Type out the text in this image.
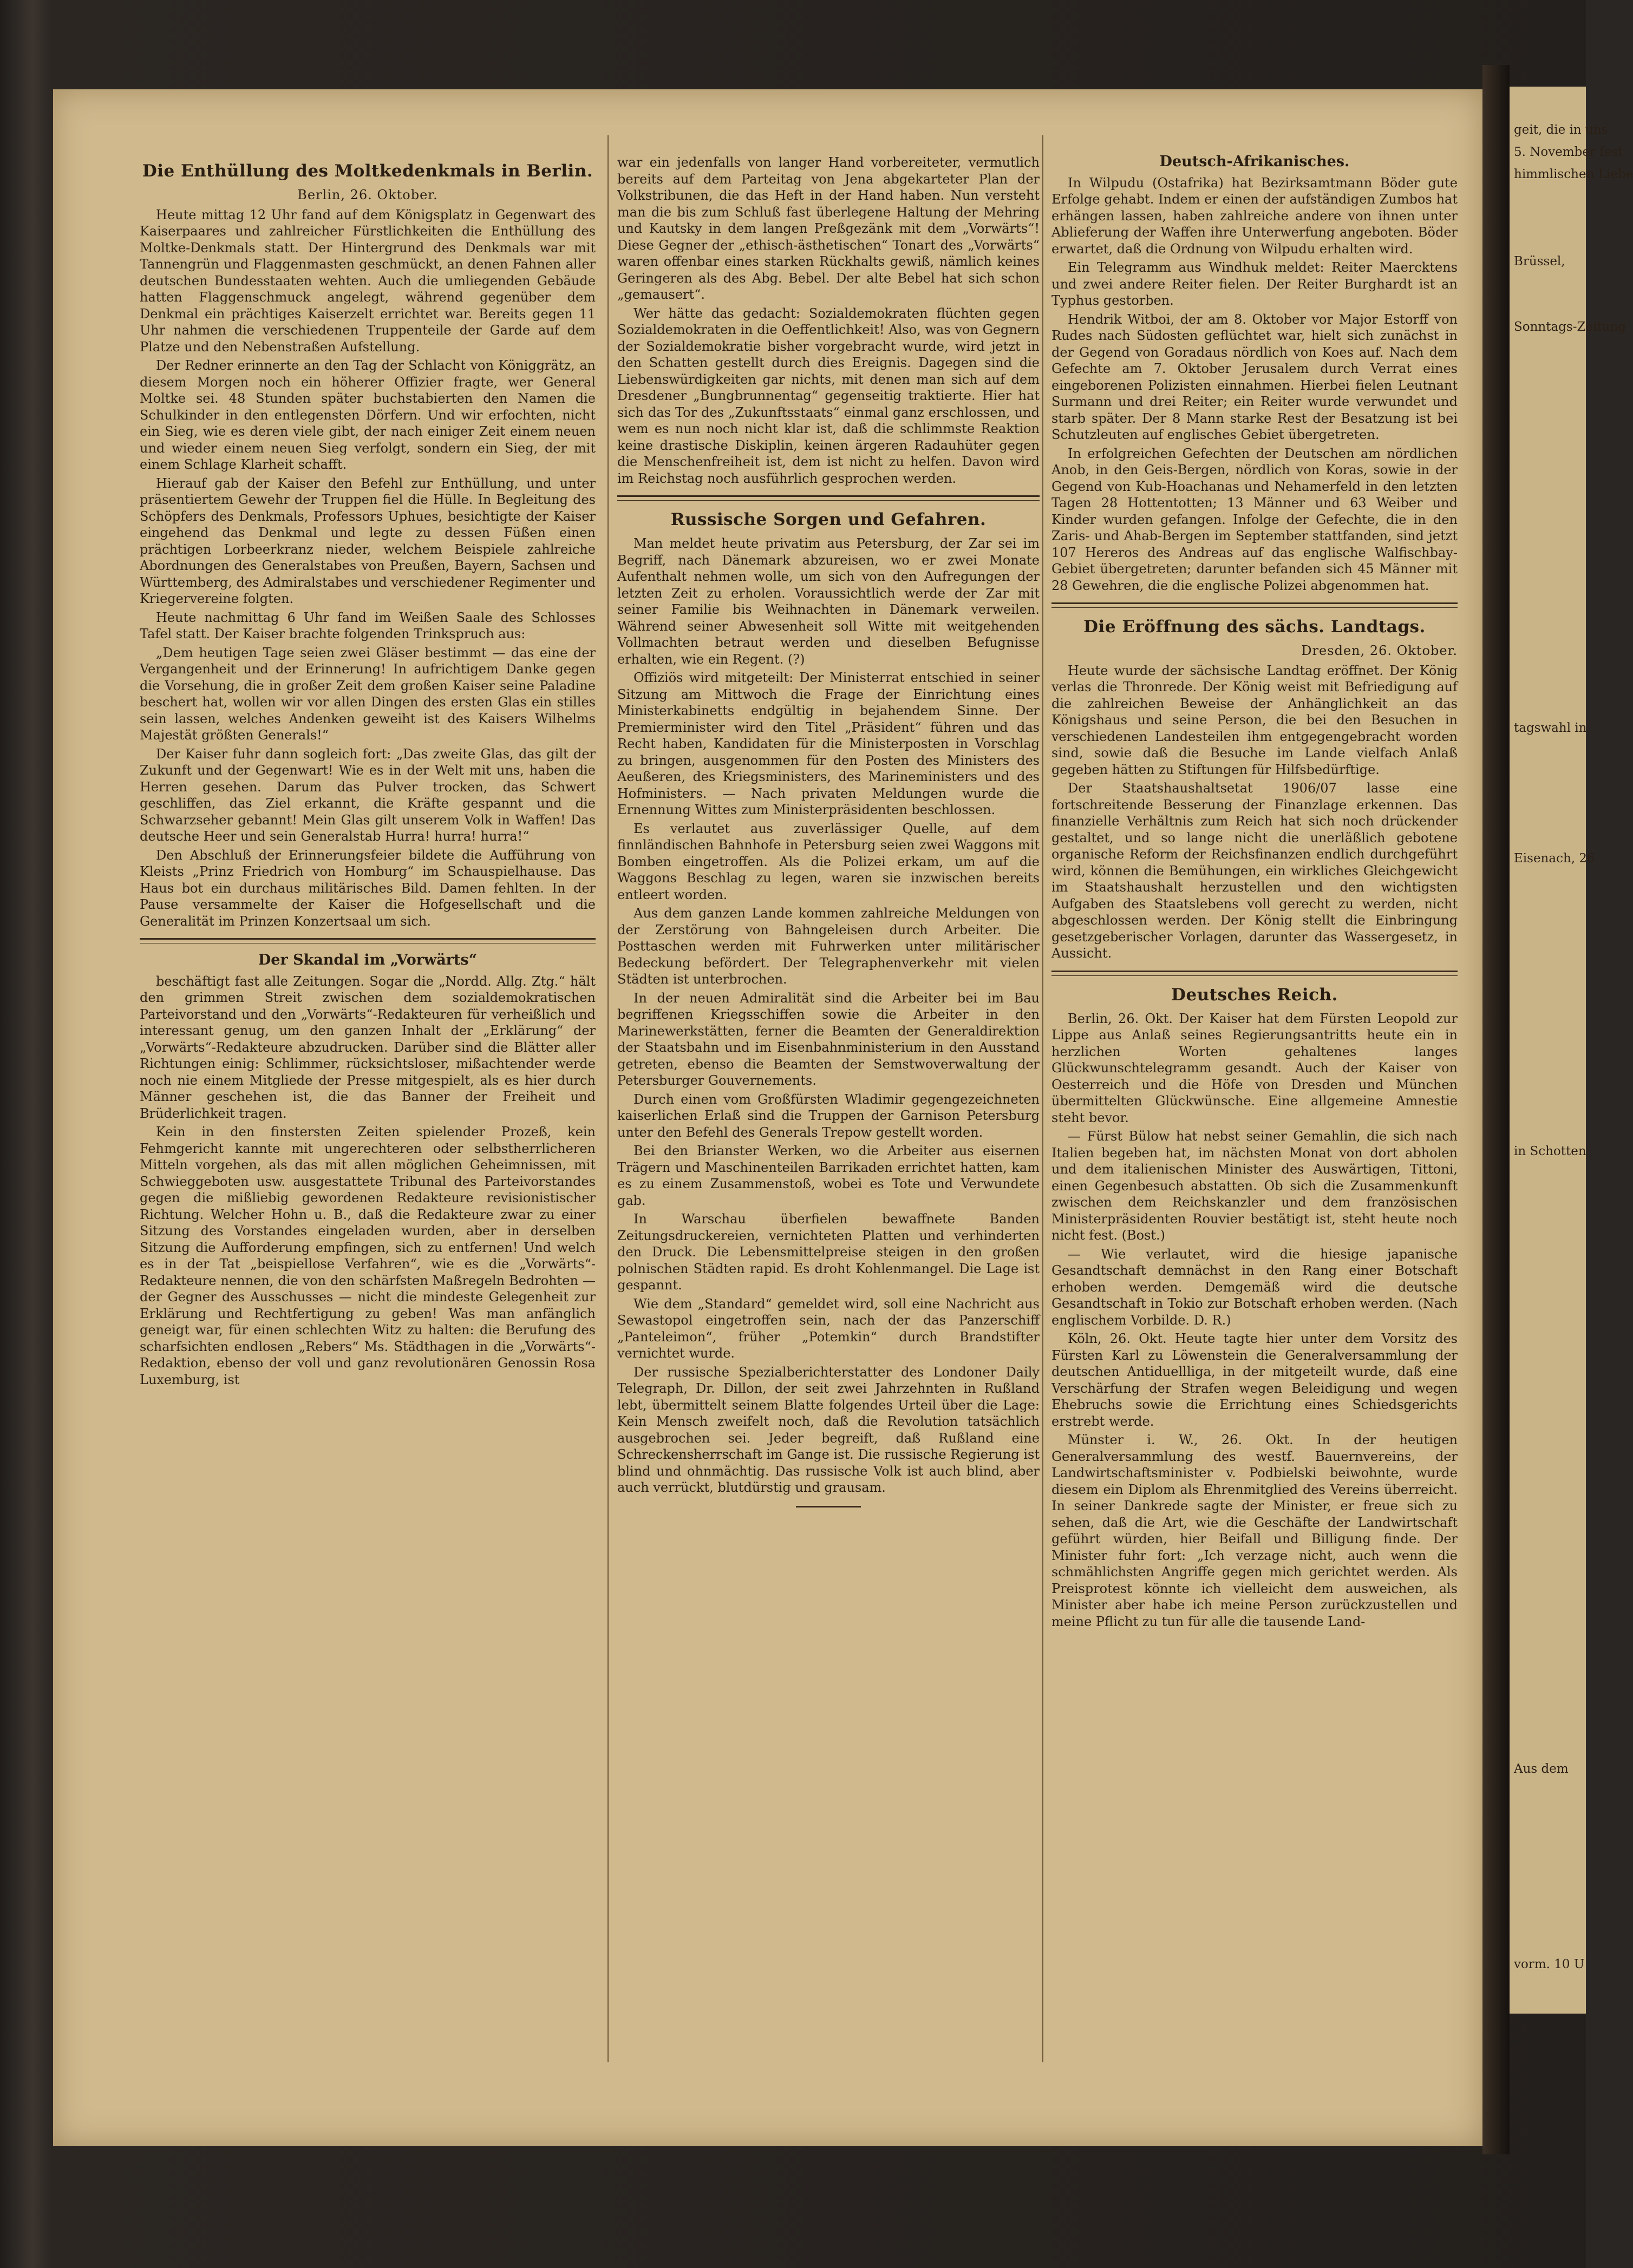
geit, die in uns
5. November fest
himmlischen Liebe
Brüssel,
Sonntags-Zeitung
tagswahl in
Eisenach, 26
in Schotten
Aus dem
vorm. 10 U
Die Enthüllung des Moltkedenkmals in Berlin.
Berlin, 26. Oktober.

Heute mittag 12 Uhr fand auf dem Königsplatz in Gegenwart des Kaiserpaares und zahlreicher Fürstlichkeiten die Enthüllung des Moltke-Denkmals statt. Der Hintergrund des Denkmals war mit Tannengrün und Flaggenmasten geschmückt, an denen Fahnen aller deutschen Bundesstaaten wehten. Auch die umliegenden Gebäude hatten Flaggenschmuck angelegt, während gegenüber dem Denkmal ein prächtiges Kaiserzelt errichtet war. Bereits gegen 11 Uhr nahmen die verschiedenen Truppenteile der Garde auf dem Platze und den Nebenstraßen Aufstellung.

Der Redner erinnerte an den Tag der Schlacht von Königgrätz, an diesem Morgen noch ein höherer Offizier fragte, wer General Moltke sei. 48 Stunden später buchstabierten den Namen die Schulkinder in den entlegensten Dörfern. Und wir erfochten, nicht ein Sieg, wie es deren viele gibt, der nach einiger Zeit einem neuen und wieder einem neuen Sieg verfolgt, sondern ein Sieg, der mit einem Schlage Klarheit schafft.

Hierauf gab der Kaiser den Befehl zur Enthüllung, und unter präsentiertem Gewehr der Truppen fiel die Hülle. In Begleitung des Schöpfers des Denkmals, Professors Uphues, besichtigte der Kaiser eingehend das Denkmal und legte zu dessen Füßen einen prächtigen Lorbeerkranz nieder, welchem Beispiele zahlreiche Abordnungen des Generalstabes von Preußen, Bayern, Sachsen und Württemberg, des Admiralstabes und verschiedener Regimenter und Kriegervereine folgten.

Heute nachmittag 6 Uhr fand im Weißen Saale des Schlosses Tafel statt. Der Kaiser brachte folgenden Trinkspruch aus:

„Dem heutigen Tage seien zwei Gläser bestimmt — das eine der Vergangenheit und der Erinnerung! In aufrichtigem Danke gegen die Vorsehung, die in großer Zeit dem großen Kaiser seine Paladine beschert hat, wollen wir vor allen Dingen des ersten Glas ein stilles sein lassen, welches Andenken geweiht ist des Kaisers Wilhelms Majestät größten Generals!“

Der Kaiser fuhr dann sogleich fort: „Das zweite Glas, das gilt der Zukunft und der Gegenwart! Wie es in der Welt mit uns, haben die Herren gesehen. Darum das Pulver trocken, das Schwert geschliffen, das Ziel erkannt, die Kräfte gespannt und die Schwarzseher gebannt! Mein Glas gilt unserem Volk in Waffen! Das deutsche Heer und sein Generalstab Hurra! hurra! hurra!“

Den Abschluß der Erinnerungsfeier bildete die Aufführung von Kleists „Prinz Friedrich von Homburg“ im Schauspielhause. Das Haus bot ein durchaus militärisches Bild. Damen fehlten. In der Pause versammelte der Kaiser die Hofgesellschaft und die Generalität im Prinzen Konzertsaal um sich.

Der Skandal im „Vorwärts“

beschäftigt fast alle Zeitungen. Sogar die „Nordd. Allg. Ztg.“ hält den grimmen Streit zwischen dem sozialdemokratischen Parteivorstand und den „Vorwärts“-Redakteuren für verheißlich und interessant genug, um den ganzen Inhalt der „Erklärung“ der „Vorwärts“-Redakteure abzudrucken. Darüber sind die Blätter aller Richtungen einig: Schlimmer, rücksichtsloser, mißachtender werde noch nie einem Mitgliede der Presse mitgespielt, als es hier durch Männer geschehen ist, die das Banner der Freiheit und Brüderlichkeit tragen.

Kein in den finstersten Zeiten spielender Prozeß, kein Fehmgericht kannte mit ungerechteren oder selbstherrlicheren Mitteln vorgehen, als das mit allen möglichen Geheimnissen, mit Schwieggeboten usw. ausgestattete Tribunal des Parteivorstandes gegen die mißliebig gewordenen Redakteure revisionistischer Richtung. Welcher Hohn u. B., daß die Redakteure zwar zu einer Sitzung des Vorstandes eingeladen wurden, aber in derselben Sitzung die Aufforderung empfingen, sich zu entfernen! Und welch es in der Tat „beispiellose Verfahren“, wie es die „Vorwärts“-Redakteure nennen, die von den schärfsten Maßregeln Bedrohten — der Gegner des Ausschusses — nicht die mindeste Gelegenheit zur Erklärung und Rechtfertigung zu geben! Was man anfänglich geneigt war, für einen schlechten Witz zu halten: die Berufung des scharfsichten endlosen „Rebers“ Ms. Städthagen in die „Vorwärts“-Redaktion, ebenso der voll und ganz revolutionären Genossin Rosa Luxemburg, ist

war ein jedenfalls von langer Hand vorbereiteter, vermutlich bereits auf dem Parteitag von Jena abgekarteter Plan der Volkstribunen, die das Heft in der Hand haben. Nun versteht man die bis zum Schluß fast überlegene Haltung der Mehring und Kautsky in dem langen Preßgezänk mit dem „Vorwärts“! Diese Gegner der „ethisch-ästhetischen“ Tonart des „Vorwärts“ waren offenbar eines starken Rückhalts gewiß, nämlich keines Geringeren als des Abg. Bebel. Der alte Bebel hat sich schon „gemausert“.

Wer hätte das gedacht: Sozialdemokraten flüchten gegen Sozialdemokraten in die Oeffentlichkeit! Also, was von Gegnern der Sozialdemokratie bisher vorgebracht wurde, wird jetzt in den Schatten gestellt durch dies Ereignis. Dagegen sind die Liebenswürdigkeiten gar nichts, mit denen man sich auf dem Dresdener „Bungbrunnentag“ gegenseitig traktierte. Hier hat sich das Tor des „Zukunftsstaats“ einmal ganz erschlossen, und wem es nun noch nicht klar ist, daß die schlimmste Reaktion keine drastische Diskiplin, keinen ärgeren Radauhüter gegen die Menschenfreiheit ist, dem ist nicht zu helfen. Davon wird im Reichstag noch ausführlich gesprochen werden.

Russische Sorgen und Gefahren.

Man meldet heute privatim aus Petersburg, der Zar sei im Begriff, nach Dänemark abzureisen, wo er zwei Monate Aufenthalt nehmen wolle, um sich von den Aufregungen der letzten Zeit zu erholen. Voraussichtlich werde der Zar mit seiner Familie bis Weihnachten in Dänemark verweilen. Während seiner Abwesenheit soll Witte mit weitgehenden Vollmachten betraut werden und dieselben Befugnisse erhalten, wie ein Regent. (?)

Offiziös wird mitgeteilt: Der Ministerrat entschied in seiner Sitzung am Mittwoch die Frage der Einrichtung eines Ministerkabinetts endgültig in bejahendem Sinne. Der Premierminister wird den Titel „Präsident“ führen und das Recht haben, Kandidaten für die Ministerposten in Vorschlag zu bringen, ausgenommen für den Posten des Ministers des Aeußeren, des Kriegsministers, des Marineministers und des Hofministers. — Nach privaten Meldungen wurde die Ernennung Wittes zum Ministerpräsidenten beschlossen.

Es verlautet aus zuverlässiger Quelle, auf dem finnländischen Bahnhofe in Petersburg seien zwei Waggons mit Bomben eingetroffen. Als die Polizei erkam, um auf die Waggons Beschlag zu legen, waren sie inzwischen bereits entleert worden.

Aus dem ganzen Lande kommen zahlreiche Meldungen von der Zerstörung von Bahngeleisen durch Arbeiter. Die Posttaschen werden mit Fuhrwerken unter militärischer Bedeckung befördert. Der Telegraphenverkehr mit vielen Städten ist unterbrochen.

In der neuen Admiralität sind die Arbeiter bei im Bau begriffenen Kriegsschiffen sowie die Arbeiter in den Marinewerkstätten, ferner die Beamten der Generaldirektion der Staatsbahn und im Eisenbahnministerium in den Ausstand getreten, ebenso die Beamten der Semstwoverwaltung der Petersburger Gouvernements.

Durch einen vom Großfürsten Wladimir gegengezeichneten kaiserlichen Erlaß sind die Truppen der Garnison Petersburg unter den Befehl des Generals Trepow gestellt worden.

Bei den Brianster Werken, wo die Arbeiter aus eisernen Trägern und Maschinenteilen Barrikaden errichtet hatten, kam es zu einem Zusammenstoß, wobei es Tote und Verwundete gab.

In Warschau überfielen bewaffnete Banden Zeitungsdruckereien, vernichteten Platten und verhinderten den Druck. Die Lebensmittelpreise steigen in den großen polnischen Städten rapid. Es droht Kohlenmangel. Die Lage ist gespannt.

Wie dem „Standard“ gemeldet wird, soll eine Nachricht aus Sewastopol eingetroffen sein, nach der das Panzerschiff „Panteleimon“, früher „Potemkin“ durch Brandstifter vernichtet wurde.

Der russische Spezialberichterstatter des Londoner Daily Telegraph, Dr. Dillon, der seit zwei Jahrzehnten in Rußland lebt, übermittelt seinem Blatte folgendes Urteil über die Lage: Kein Mensch zweifelt noch, daß die Revolution tatsächlich ausgebrochen sei. Jeder begreift, daß Rußland eine Schreckensherrschaft im Gange ist. Die russische Regierung ist blind und ohnmächtig. Das russische Volk ist auch blind, aber auch verrückt, blutdürstig und grausam.

Deutsch-Afrikanisches.

In Wilpudu (Ostafrika) hat Bezirksamtmann Böder gute Erfolge gehabt. Indem er einen der aufständigen Zumbos hat erhängen lassen, haben zahlreiche andere von ihnen unter Ablieferung der Waffen ihre Unterwerfung angeboten. Böder erwartet, daß die Ordnung von Wilpudu erhalten wird.

Ein Telegramm aus Windhuk meldet: Reiter Maercktens und zwei andere Reiter fielen. Der Reiter Burghardt ist an Typhus gestorben.

Hendrik Witboi, der am 8. Oktober vor Major Estorff von Rudes nach Südosten geflüchtet war, hielt sich zunächst in der Gegend von Goradaus nördlich von Koes auf. Nach dem Gefechte am 7. Oktober Jerusalem durch Verrat eines eingeborenen Polizisten einnahmen. Hierbei fielen Leutnant Surmann und drei Reiter; ein Reiter wurde verwundet und starb später. Der 8 Mann starke Rest der Besatzung ist bei Schutzleuten auf englisches Gebiet übergetreten.

In erfolgreichen Gefechten der Deutschen am nördlichen Anob, in den Geis-Bergen, nördlich von Koras, sowie in der Gegend von Kub-Hoachanas und Nehamerfeld in den letzten Tagen 28 Hottentotten; 13 Männer und 63 Weiber und Kinder wurden gefangen. Infolge der Gefechte, die in den Zaris- und Ahab-Bergen im September stattfanden, sind jetzt 107 Hereros des Andreas auf das englische Walfischbay-Gebiet übergetreten; darunter befanden sich 45 Männer mit 28 Gewehren, die die englische Polizei abgenommen hat.

Die Eröffnung des sächs. Landtags.
Dresden, 26. Oktober.

Heute wurde der sächsische Landtag eröffnet. Der König verlas die Thronrede. Der König weist mit Befriedigung auf die zahlreichen Beweise der Anhänglichkeit an das Königshaus und seine Person, die bei den Besuchen in verschiedenen Landesteilen ihm entgegengebracht worden sind, sowie daß die Besuche im Lande vielfach Anlaß gegeben hätten zu Stiftungen für Hilfsbedürftige.

Der Staatshaushaltsetat 1906/07 lasse eine fortschreitende Besserung der Finanzlage erkennen. Das finanzielle Verhältnis zum Reich hat sich noch drückender gestaltet, und so lange nicht die unerläßlich gebotene organische Reform der Reichsfinanzen endlich durchgeführt wird, können die Bemühungen, ein wirkliches Gleichgewicht im Staatshaushalt herzustellen und den wichtigsten Aufgaben des Staatslebens voll gerecht zu werden, nicht abgeschlossen werden. Der König stellt die Einbringung gesetzgeberischer Vorlagen, darunter das Wassergesetz, in Aussicht.

Deutsches Reich.

Berlin, 26. Okt. Der Kaiser hat dem Fürsten Leopold zur Lippe aus Anlaß seines Regierungsantritts heute ein in herzlichen Worten gehaltenes langes Glückwunschtelegramm gesandt. Auch der Kaiser von Oesterreich und die Höfe von Dresden und München übermittelten Glückwünsche. Eine allgemeine Amnestie steht bevor.

— Fürst Bülow hat nebst seiner Gemahlin, die sich nach Italien begeben hat, im nächsten Monat von dort abholen und dem italienischen Minister des Auswärtigen, Tittoni, einen Gegenbesuch abstatten. Ob sich die Zusammenkunft zwischen dem Reichskanzler und dem französischen Ministerpräsidenten Rouvier bestätigt ist, steht heute noch nicht fest. (Bost.)

— Wie verlautet, wird die hiesige japanische Gesandtschaft demnächst in den Rang einer Botschaft erhoben werden. Demgemäß wird die deutsche Gesandtschaft in Tokio zur Botschaft erhoben werden. (Nach englischem Vorbilde. D. R.)

Köln, 26. Okt. Heute tagte hier unter dem Vorsitz des Fürsten Karl zu Löwenstein die Generalversammlung der deutschen Antiduellliga, in der mitgeteilt wurde, daß eine Verschärfung der Strafen wegen Beleidigung und wegen Ehebruchs sowie die Errichtung eines Schiedsgerichts erstrebt werde.

Münster i. W., 26. Okt. In der heutigen Generalversammlung des westf. Bauernvereins, der Landwirtschaftsminister v. Podbielski beiwohnte, wurde diesem ein Diplom als Ehrenmitglied des Vereins überreicht. In seiner Dankrede sagte der Minister, er freue sich zu sehen, daß die Art, wie die Geschäfte der Landwirtschaft geführt würden, hier Beifall und Billigung finde. Der Minister fuhr fort: „Ich verzage nicht, auch wenn die schmählichsten Angriffe gegen mich gerichtet werden. Als Preisprotest könnte ich vielleicht dem ausweichen, als Minister aber habe ich meine Person zurückzustellen und meine Pflicht zu tun für alle die tausende Land-
